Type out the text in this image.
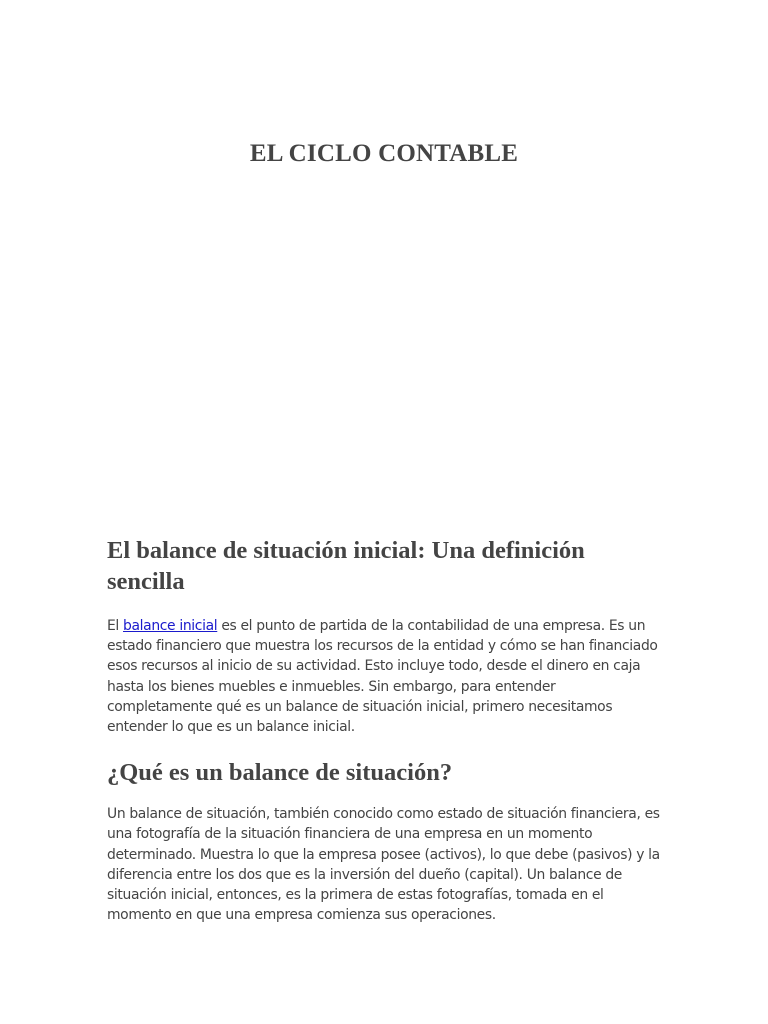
EL CICLO CONTABLE
El balance de situación inicial: Una definición sencilla

El balance inicial es el punto de partida de la contabilidad de una empresa. Es un estado financiero que muestra los recursos de la entidad y cómo se han financiado esos recursos al inicio de su actividad. Esto incluye todo, desde el dinero en caja hasta los bienes muebles e inmuebles. Sin embargo, para entender completamente qué es un balance de situación inicial, primero necesitamos entender lo que es un balance inicial.

¿Qué es un balance de situación?

Un balance de situación, también conocido como estado de situación financiera, es una fotografía de la situación financiera de una empresa en un momento determinado. Muestra lo que la empresa posee (activos), lo que debe (pasivos) y la diferencia entre los dos que es la inversión del dueño (capital). Un balance de situación inicial, entonces, es la primera de estas fotografías, tomada en el momento en que una empresa comienza sus operaciones.
